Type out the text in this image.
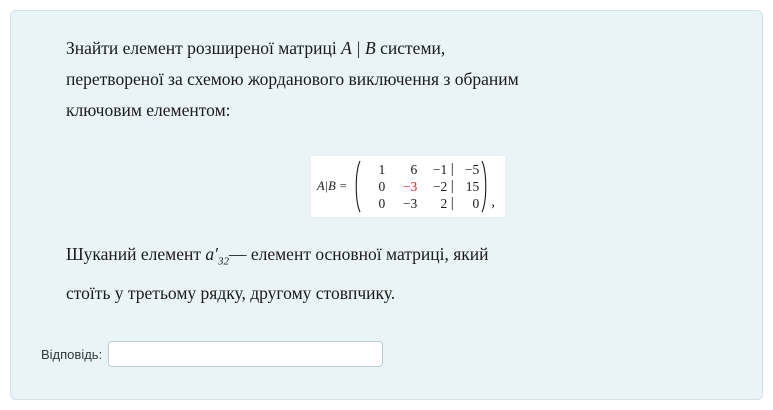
Знайти елемент розширеної матриці A | B системи,
перетвореної за схемою жорданового виключення з обраним
ключовим елементом:
A|B =
1	6	−1 | −5
0	−3	−2 | 15
0	−3	2 |	0 ,
Шуканий елемент $a'_{32}—$ елемент основної матриці, який
стоїть у третьому рядку, другому стовпчику.
Відповідь:
